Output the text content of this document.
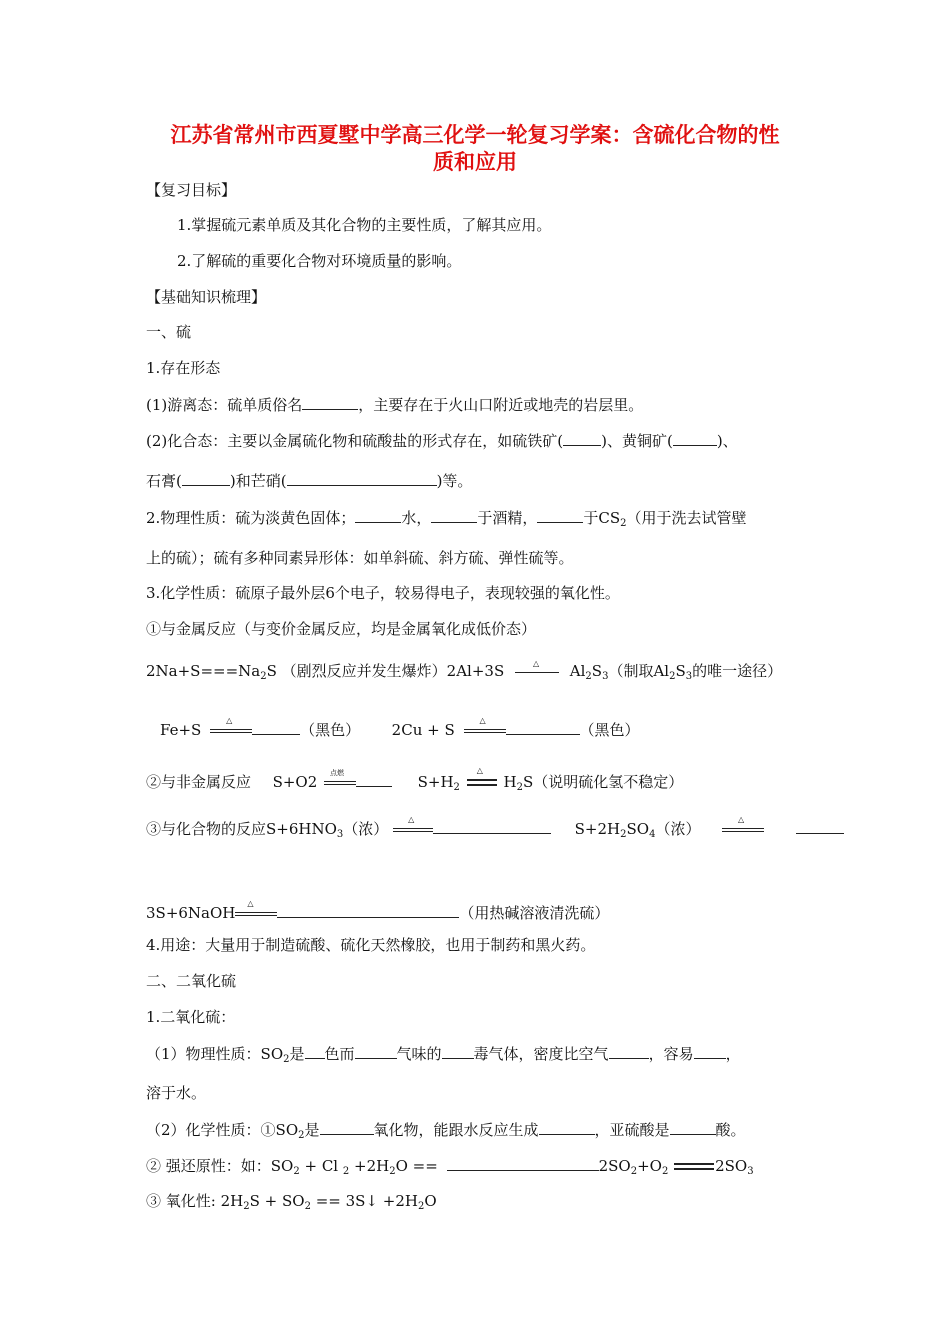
江苏省常州市西夏墅中学高三化学一轮复习学案：含硫化合物的性
质和应用
【复习目标】
1.掌握硫元素单质及其化合物的主要性质，了解其应用。
2.了解硫的重要化合物对环境质量的影响。
【基础知识梳理】
一、硫
1.存在形态
(1)游离态：硫单质俗名	，主要存在于火山口附近或地壳的岩层里。
(2)化合态：主要以金属硫化物和硫酸盐的形式存在，如硫铁矿(	)、黄铜矿(	)、
石膏(	)和芒硝(	)等。
2.物理性质：硫为淡黄色固体；	水，	于酒精，	于$CS_2$（用于洗去试管壁
上的硫）；硫有多种同素异形体：如单斜硫、斜方硫、弹性硫等。
3.化学性质：硫原子最外层6个电子，较易得电子，表现较强的氧化性。
①与金属反应（与变价金属反应，均是金属氧化成低价态）
$2Na+S===Na_2S$ （剧烈反应并发生爆炸）2Al+3S	△ $Al_2S_3$（制取$Al_2S_3$的唯一途径）
Fe+S
△
（黑色） 2Cu + S
△
（黑色）
②与非金属反应 S+O2 点燃	$S+H_2$
△
$H_2S$（说明硫化氢不稳定）
③与化合物的反应$S+6HNO_3$（浓）
△
$S+2H_2SO_4$（浓）
△

3S+6NaOH
△
（用热碱溶液清洗硫）
4.用途：大量用于制造硫酸、硫化天然橡胶，也用于制药和黑火药。
二、二氧化硫
1.二氧化硫：
（1）物理性质：$SO_2$是 色而	气味的 毒气体，密度比空气	，容易 ，
溶于水。
（2）化学性质：$①SO_2$是	氧化物，能跟水反应生成	，亚硫酸是	酸。
② 强还原性：如：$SO_2 + Cl$ $_2 +2H_2O$ ==	$2SO_2+O_2$	$2SO_3$
③ 氧化性: $2H_2S + SO_2$ == 3S↓ $+2H_2O$
